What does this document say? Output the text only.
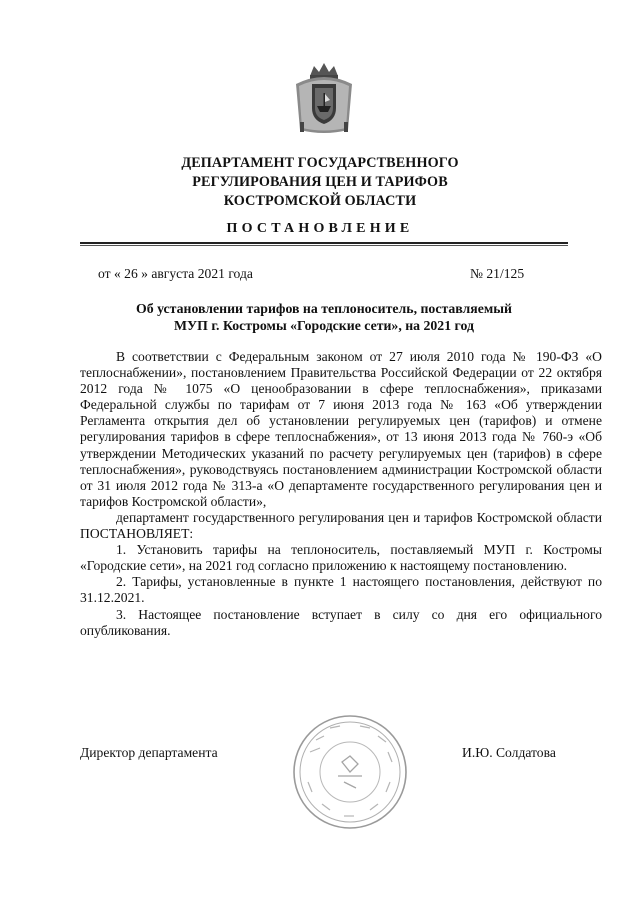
ДЕПАРТАМЕНТ ГОСУДАРСТВЕННОГО
РЕГУЛИРОВАНИЯ ЦЕН И ТАРИФОВ
КОСТРОМСКОЙ ОБЛАСТИ
ПОСТАНОВЛЕНИЕ
от « 26 » августа 2021 года	№ 21/125
Об установлении тарифов на теплоноситель, поставляемый
МУП г. Костромы «Городские сети», на 2021 год

В соответствии с Федеральным законом от 27 июля 2010 года № 190-ФЗ «О теплоснабжении», постановлением Правительства Российской Федерации от 22 октября 2012 года № 1075 «О ценообразовании в сфере теплоснабжения», приказами Федеральной службы по тарифам от 7 июня 2013 года № 163 «Об утверждении Регламента открытия дел об установлении регулируемых цен (тарифов) и отмене регулирования тарифов в сфере теплоснабжения», от 13 июня 2013 года № 760-э «Об утверждении Методических указаний по расчету регулируемых цен (тарифов) в сфере теплоснабжения», руководствуясь постановлением администрации Костромской области от 31 июля 2012 года № 313-а «О департаменте государственного регулирования цен и тарифов Костромской области»,

департамент государственного регулирования цен и тарифов Костромской области ПОСТАНОВЛЯЕТ:

1. Установить тарифы на теплоноситель, поставляемый МУП г. Костромы «Городские сети», на 2021 год согласно приложению к настоящему постановлению.

2. Тарифы, установленные в пункте 1 настоящего постановления, действуют по 31.12.2021.

3. Настоящее постановление вступает в силу со дня его официального опубликования.

Директор департамента	И.Ю. Солдатова
